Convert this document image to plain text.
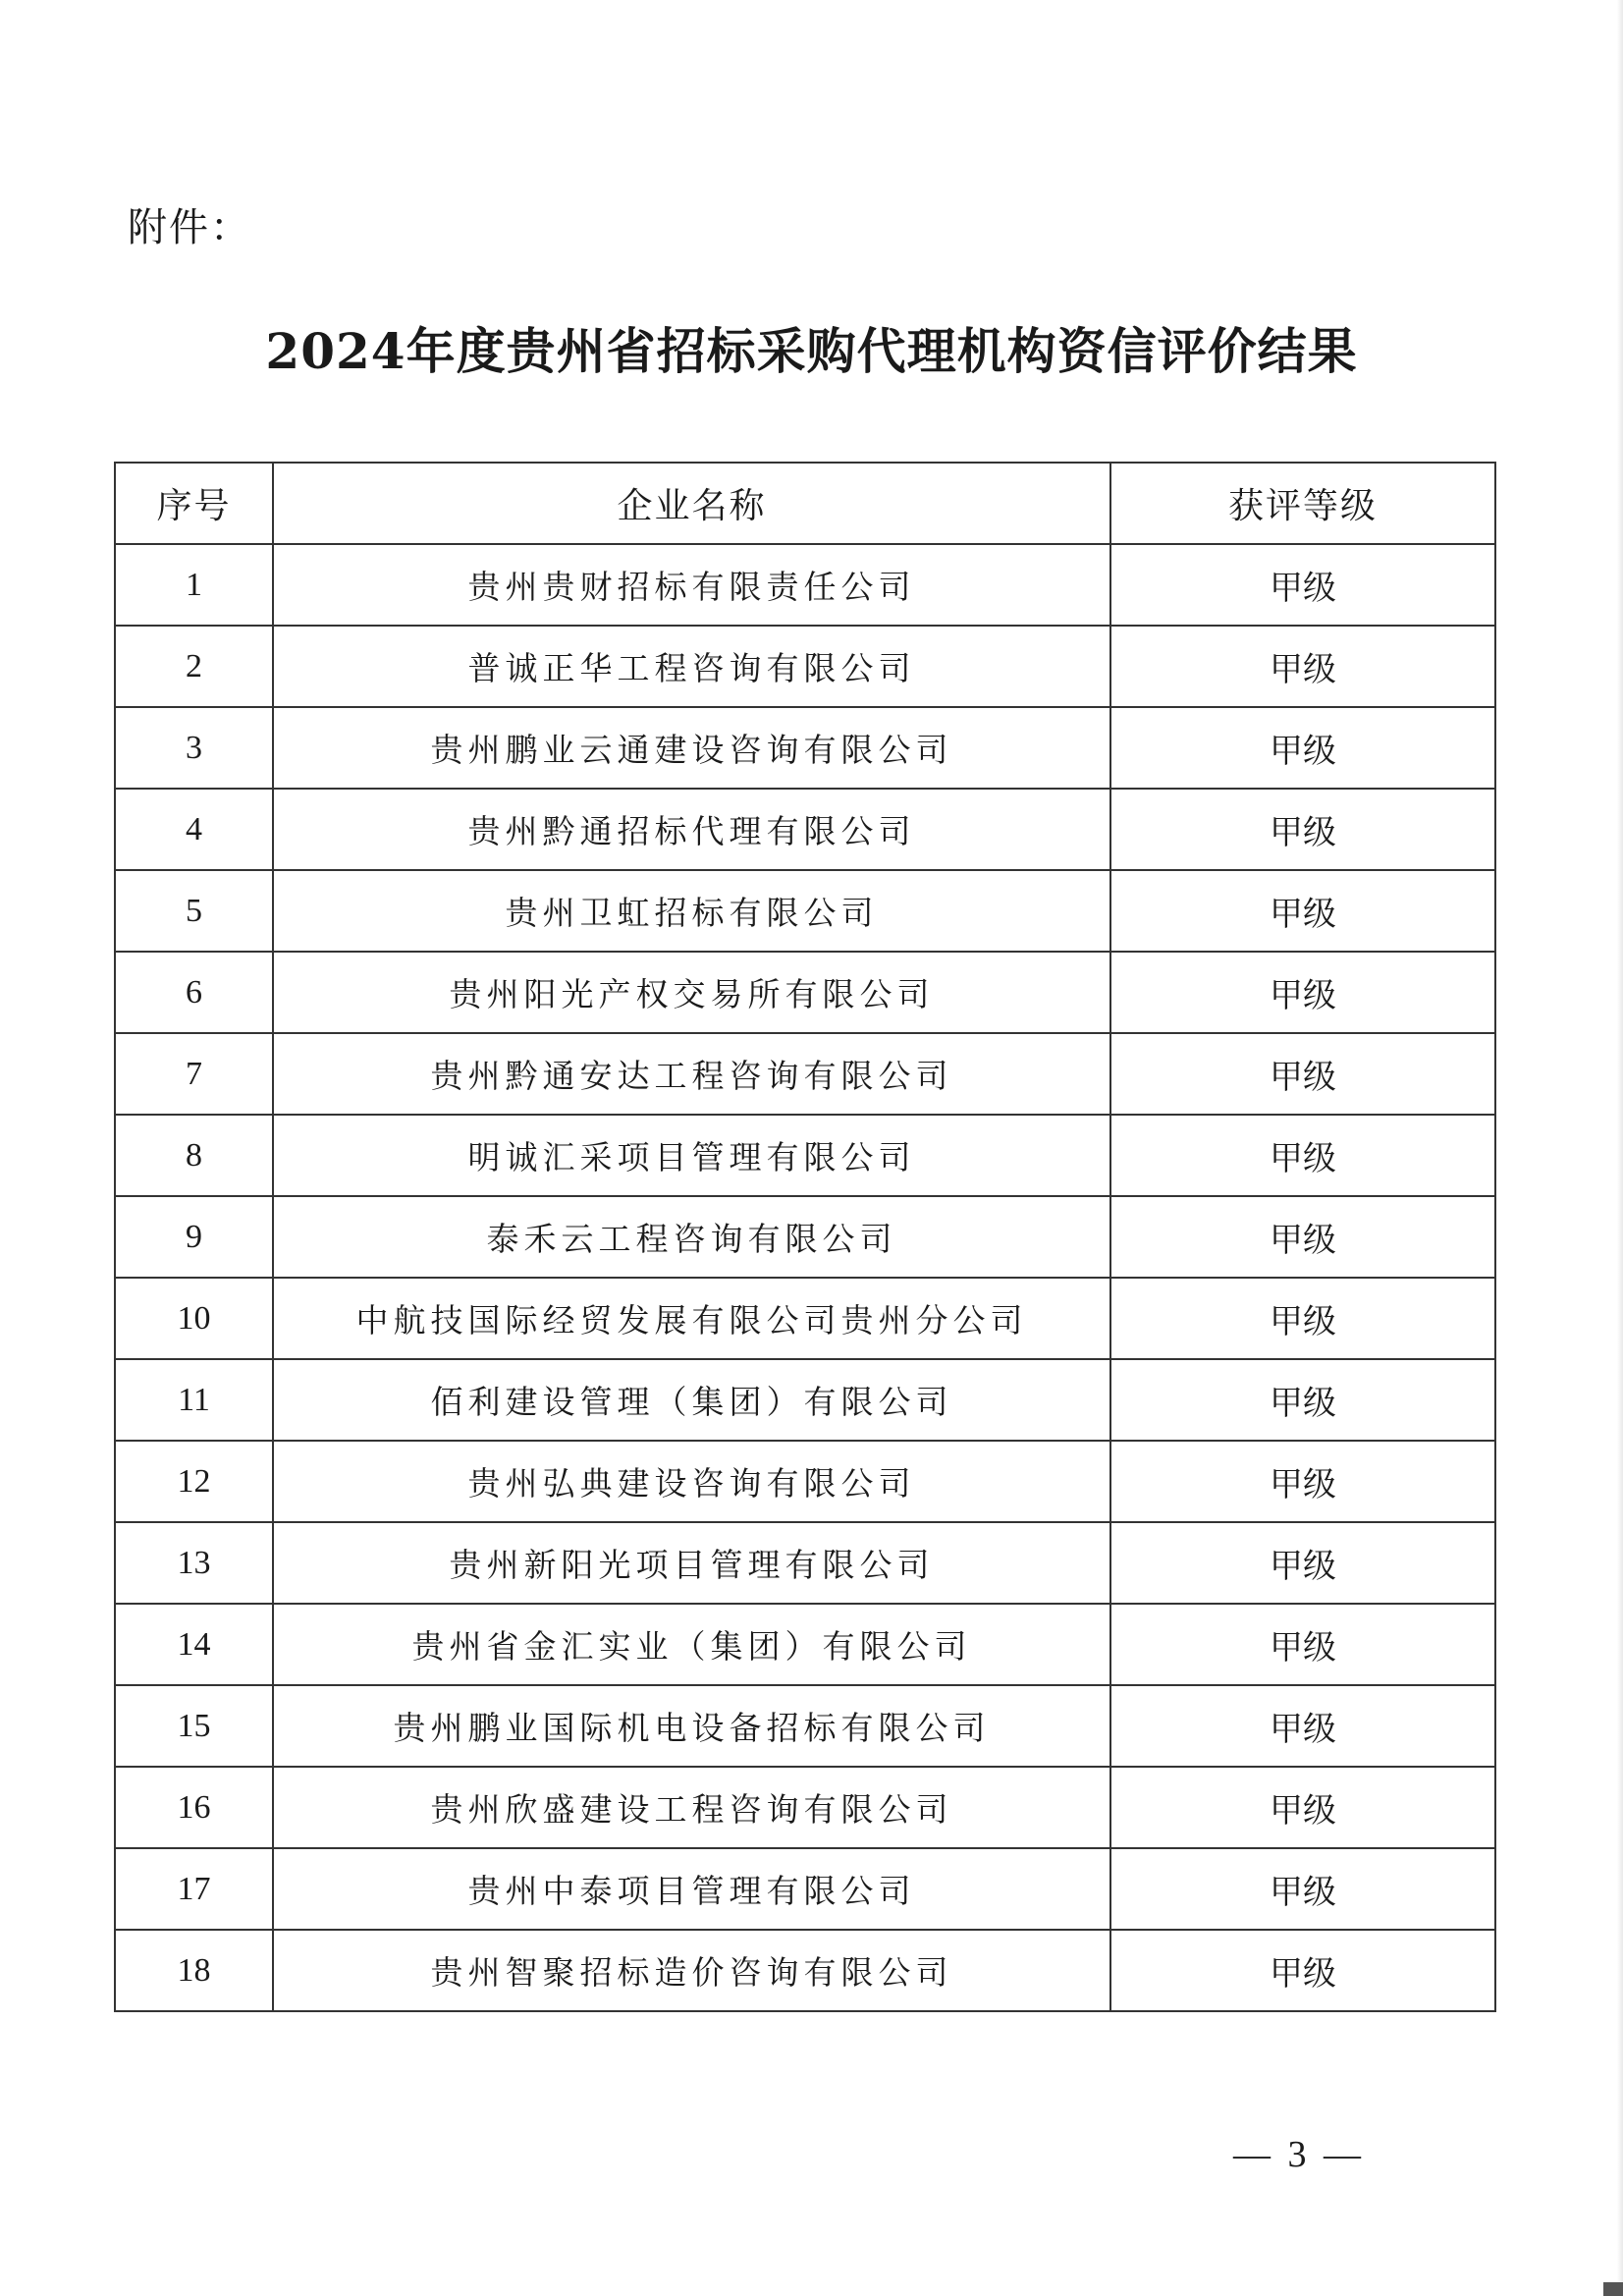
附件：
2024年度贵州省招标采购代理机构资信评价结果
序号	企业名称	获评等级
1	贵州贵财招标有限责任公司	甲级
2	普诚正华工程咨询有限公司	甲级
3	贵州鹏业云通建设咨询有限公司	甲级
4	贵州黔通招标代理有限公司	甲级
5	贵州卫虹招标有限公司	甲级
6	贵州阳光产权交易所有限公司	甲级
7	贵州黔通安达工程咨询有限公司	甲级
8	明诚汇采项目管理有限公司	甲级
9	泰禾云工程咨询有限公司	甲级
10	中航技国际经贸发展有限公司贵州分公司	甲级
11	佰利建设管理（集团）有限公司	甲级
12	贵州弘典建设咨询有限公司	甲级
13	贵州新阳光项目管理有限公司	甲级
14	贵州省金汇实业（集团）有限公司	甲级
15	贵州鹏业国际机电设备招标有限公司	甲级
16	贵州欣盛建设工程咨询有限公司	甲级
17	贵州中泰项目管理有限公司	甲级
18	贵州智聚招标造价咨询有限公司	甲级
— 3 —
